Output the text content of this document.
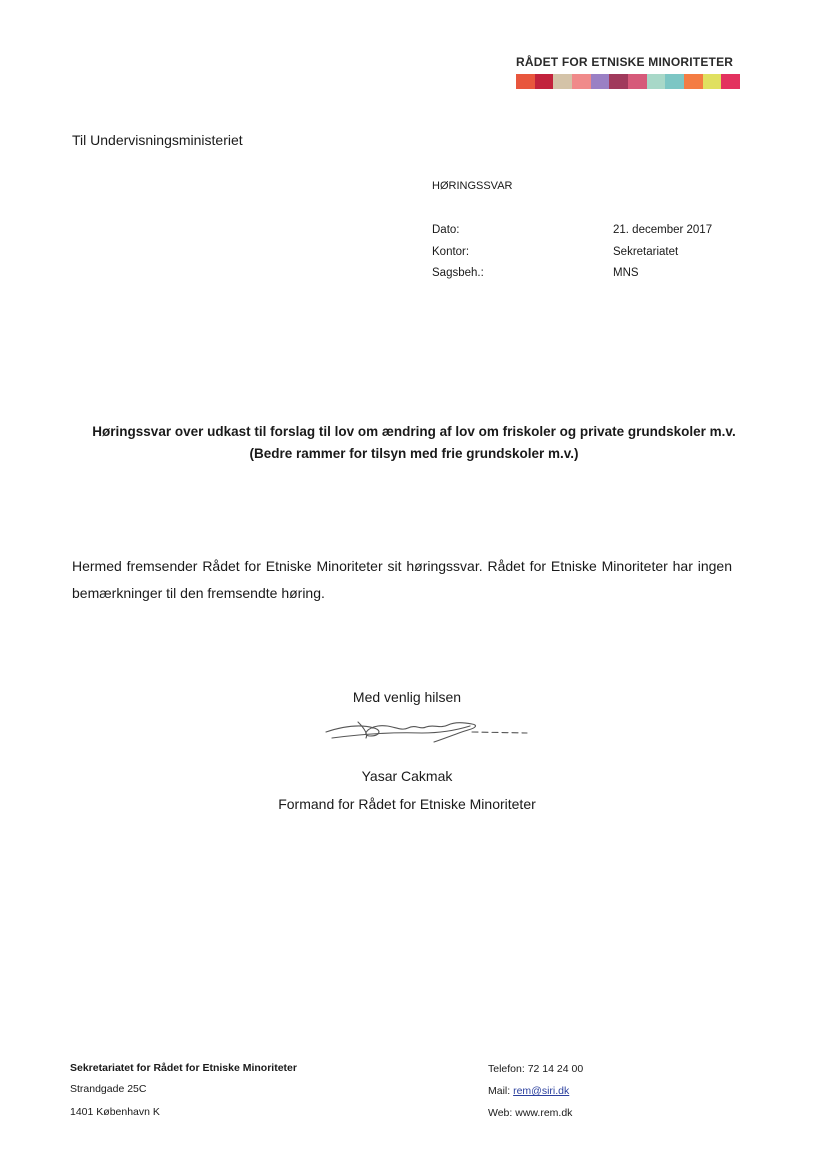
RÅDET FOR ETNISKE MINORITETER
Til Undervisningsministeriet
HØRINGSSVAR
Dato:	21. december 2017
Kontor:	Sekretariatet
Sagsbeh.:	MNS
Høringssvar over udkast til forslag til lov om ændring af lov om friskoler og private grundskoler m.v.
(Bedre rammer for tilsyn med frie grundskoler m.v.)
Hermed fremsender Rådet for Etniske Minoriteter sit høringssvar. Rådet for Etniske Minoriteter har ingen bemærkninger til den fremsendte høring.
Med venlig hilsen
Yasar Cakmak
Formand for Rådet for Etniske Minoriteter
Sekretariatet for Rådet for Etniske Minoriteter
Strandgade 25C
1401 København K
Telefon: 72 14 24 00
Mail: rem@siri.dk
Web: www.rem.dk
